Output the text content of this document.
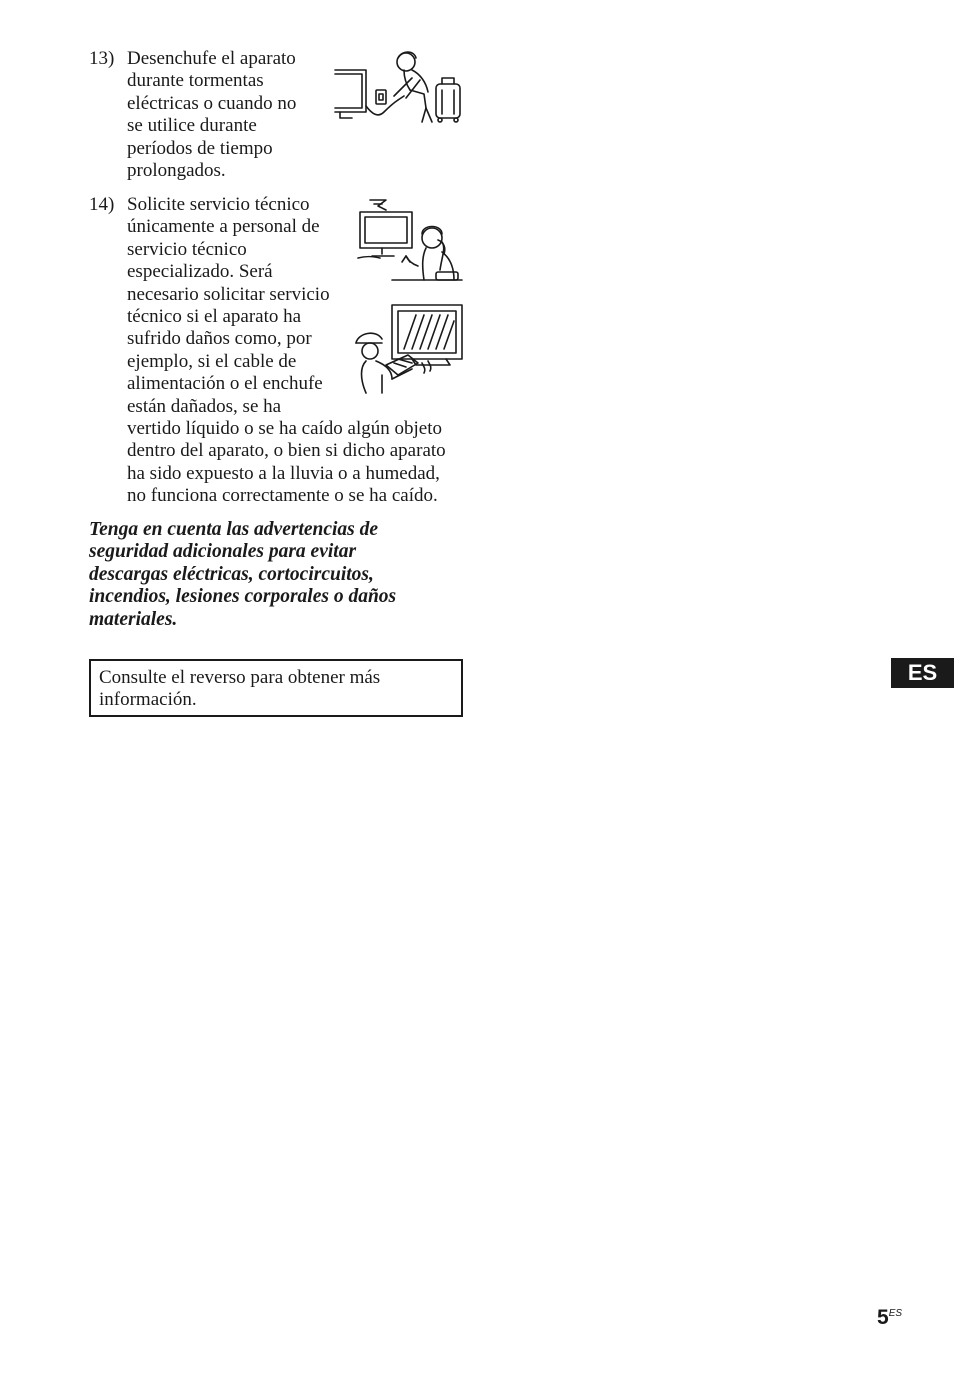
13) Desenchufe el aparato
durante tormentas
eléctricas o cuando no
se utilice durante
períodos de tiempo
prolongados.
14) Solicite servicio técnico
únicamente a personal de
servicio técnico
especializado. Será
necesario solicitar servicio
técnico si el aparato ha
sufrido daños como, por
ejemplo, si el cable de
alimentación o el enchufe
están dañados, se ha
vertido líquido o se ha caído algún objeto
dentro del aparato, o bien si dicho aparato
ha sido expuesto a la lluvia o a humedad,
no funciona correctamente o se ha caído.
Tenga en cuenta las advertencias de
seguridad adicionales para evitar
descargas eléctricas, cortocircuitos,
incendios, lesiones corporales o daños
materiales.
Consulte el reverso para obtener más
información.
ES
$5^{ES}$
